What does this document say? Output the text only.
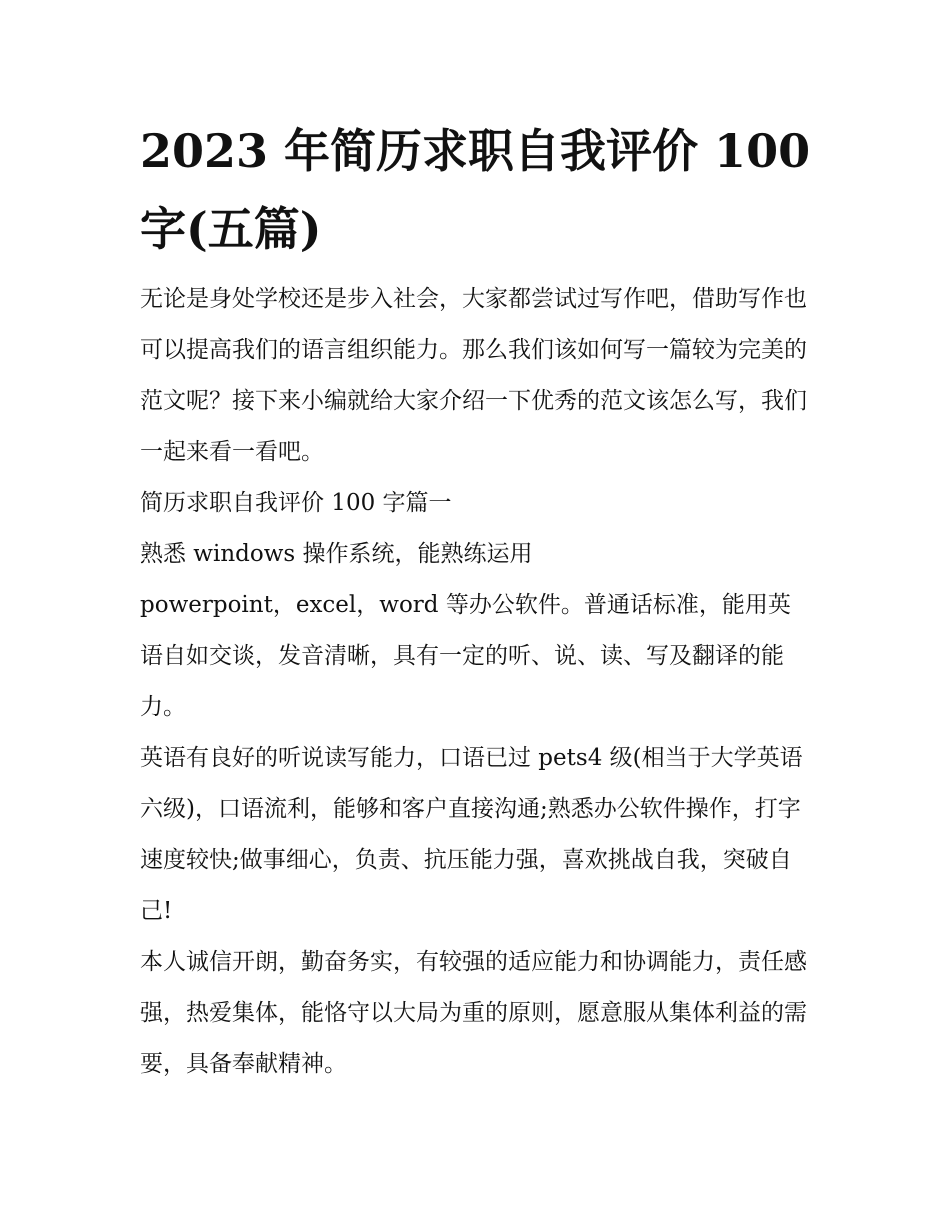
2023 年简历求职自我评价 100 字(五篇)

无论是身处学校还是步入社会，大家都尝试过写作吧，借助写作也可以提高我们的语言组织能力。那么我们该如何写一篇较为完美的范文呢？接下来小编就给大家介绍一下优秀的范文该怎么写，我们一起来看一看吧。

简历求职自我评价 100 字篇一

熟悉 windows 操作系统，能熟练运用

powerpoint，excel，word 等办公软件。普通话标准，能用英语自如交谈，发音清晰，具有一定的听、说、读、写及翻译的能力。

英语有良好的听说读写能力，口语已过 pets4 级(相当于大学英语六级)，口语流利，能够和客户直接沟通;熟悉办公软件操作，打字速度较快;做事细心，负责、抗压能力强，喜欢挑战自我，突破自己!

本人诚信开朗，勤奋务实，有较强的适应能力和协调能力，责任感强，热爱集体，能恪守以大局为重的原则，愿意服从集体利益的需要，具备奉献精神。
